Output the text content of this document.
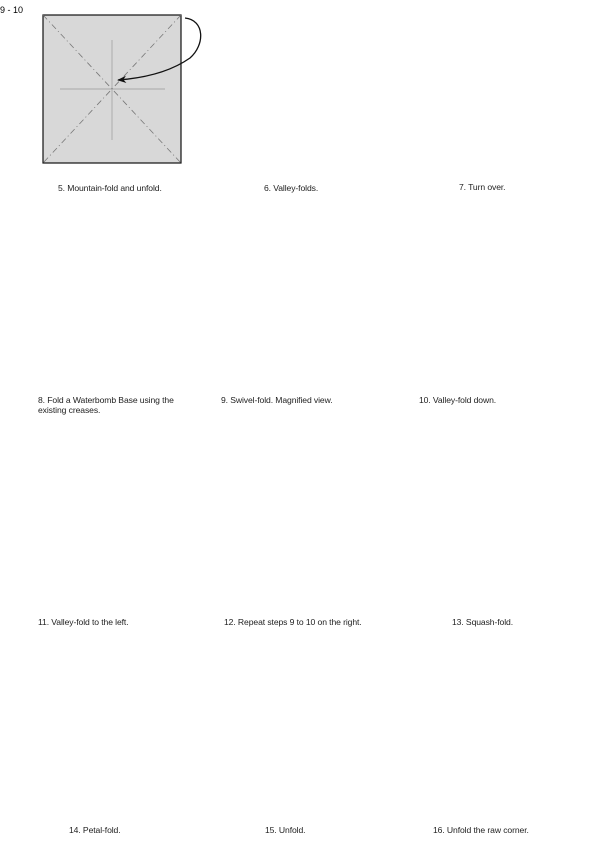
9 - 10
5. Mountain-fold and unfold.	6. Valley-folds.	7. Turn over.
8. Fold a Waterbomb Base using the existing creases.
9. Swivel-fold. Magnified view.	10. Valley-fold down.
11. Valley-fold to the left.	12. Repeat steps 9 to 10 on the right.	13. Squash-fold.
14. Petal-fold.	15. Unfold.	16. Unfold the raw corner.
